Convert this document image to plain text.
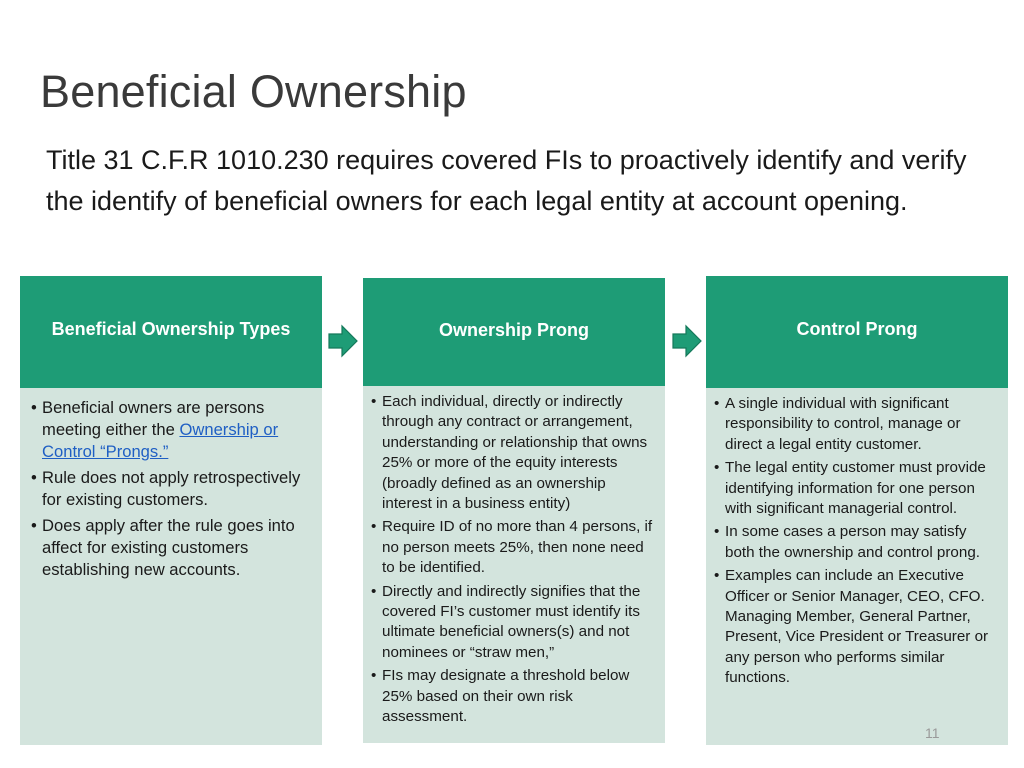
Beneficial Ownership

Title 31 C.F.R 1010.230 requires covered FIs to proactively identify and verify the identify of beneficial owners for each legal entity at account opening.

Beneficial Ownership Types
• Beneficial owners are persons meeting either the Ownership or Control “Prongs.”
• Rule does not apply retrospectively for existing customers.
• Does apply after the rule goes into affect for existing customers establishing new accounts.
Ownership Prong
• Each individual, directly or indirectly through any contract or arrangement, understanding or relationship that owns 25% or more of the equity interests (broadly defined as an ownership interest in a business entity)
• Require ID of no more than 4 persons, if no person meets 25%, then none need to be identified.
• Directly and indirectly signifies that the covered FI’s customer must identify its ultimate beneficial owners(s) and not nominees or “straw men,”
• FIs may designate a threshold below 25% based on their own risk assessment.
Control Prong
• A single individual with significant responsibility to control, manage or direct a legal entity customer.
• The legal entity customer must provide identifying information for one person with significant managerial control.
• In some cases a person may satisfy both the ownership and control prong.
• Examples can include an Executive Officer or Senior Manager, CEO, CFO. Managing Member, General Partner, Present, Vice President or Treasurer or any person who performs similar functions.
11
